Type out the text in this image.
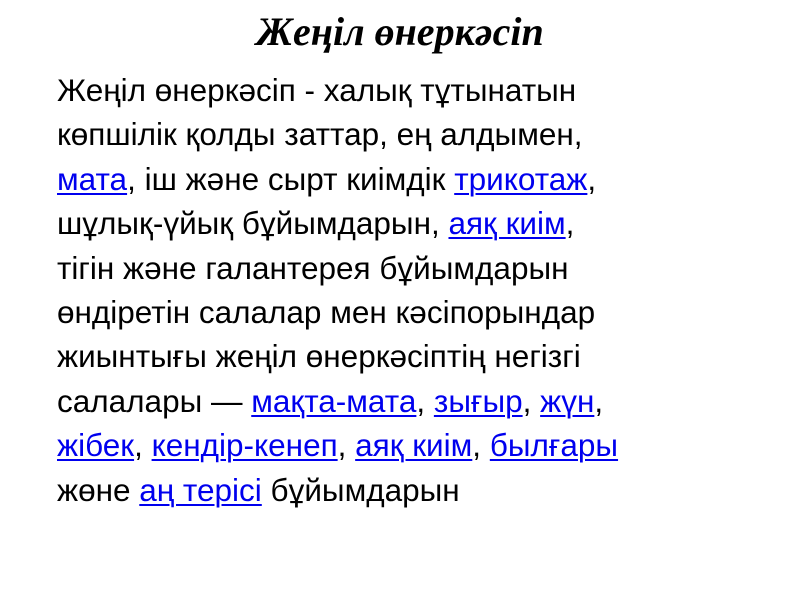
Жеңіл өнеркәсіп
Жеңіл өнеркәсіп - халық тұтынатын
көпшілік қолды заттар, ең алдымен,
мата, іш және сырт киімдік трикотаж,
шұлық-үйық бұйымдарын, аяқ киім,
тігін және галантерея бұйымдарын
өндіретін салалар мен кәсіпорындар
жиынтығы жеңіл өнеркәсіптің негізгі
салалары — мақта-мата, зығыр, жүн,
жібек, кендір-кенеп, аяқ киім, былғары
жөне аң терісі бұйымдарын
